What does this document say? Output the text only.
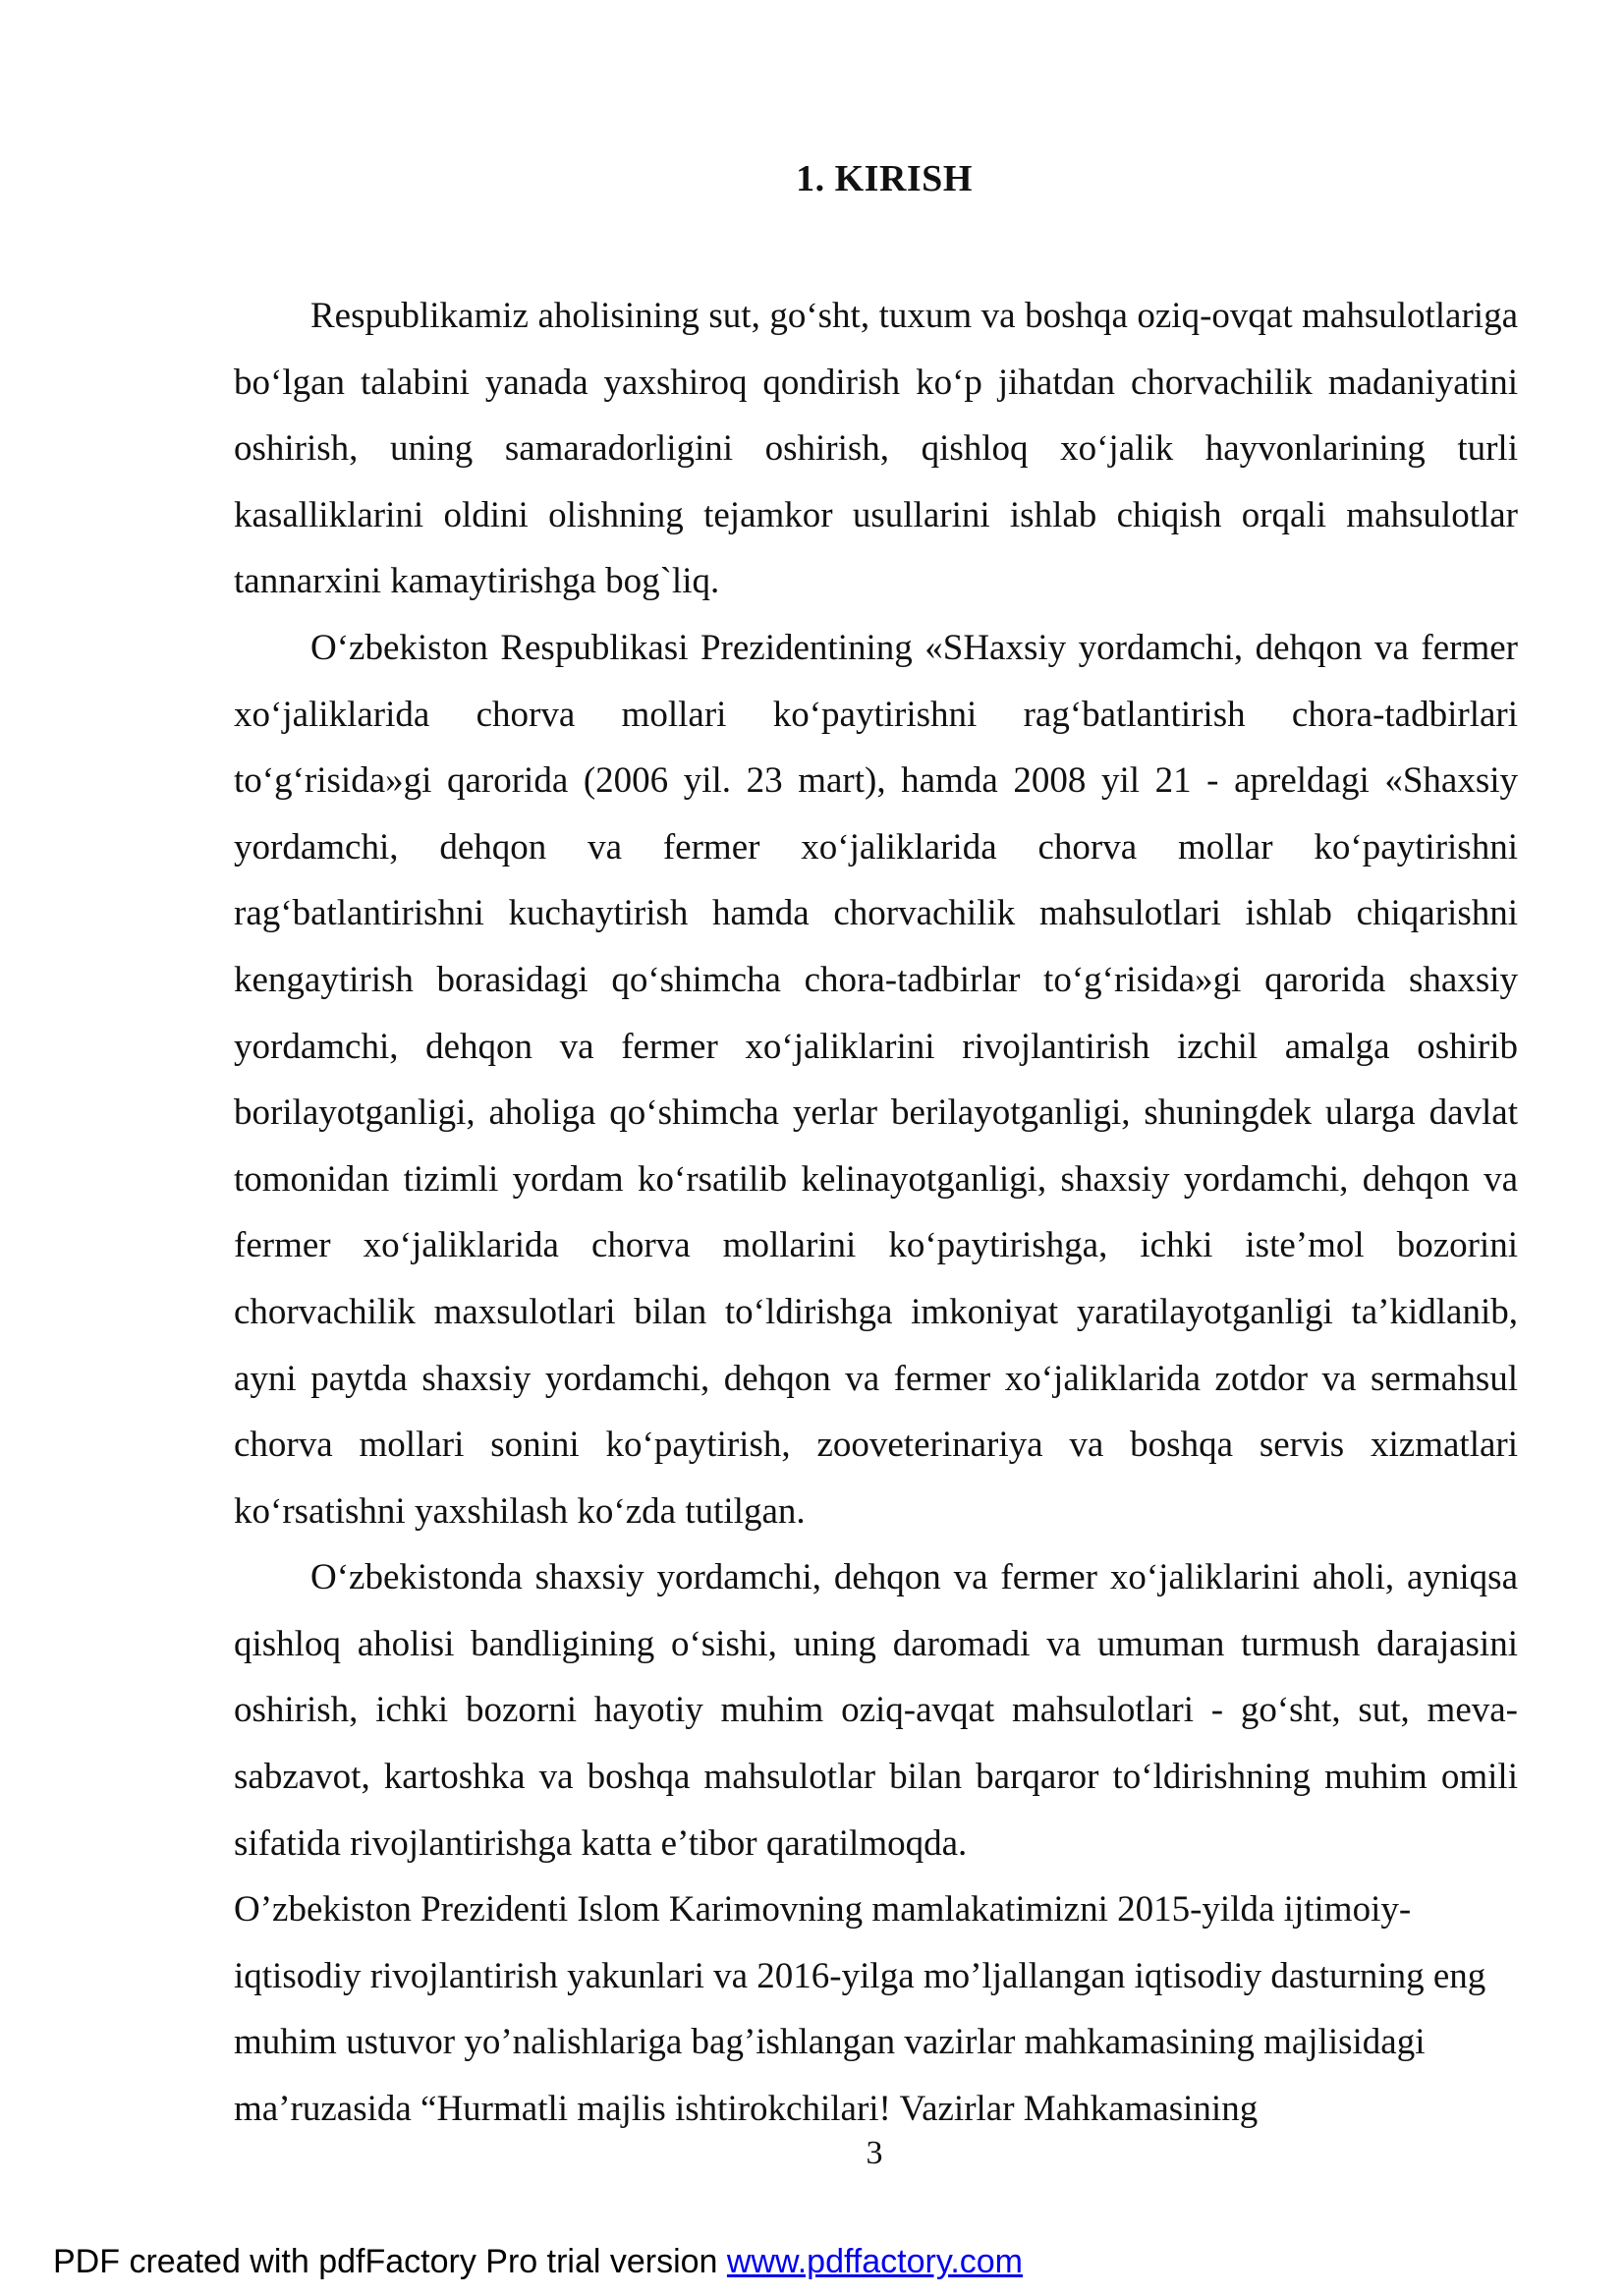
1. KIRISH

Respublikamiz aholisining sut, go‘sht, tuxum va boshqa oziq-ovqat mahsulotlariga bo‘lgan talabini yanada yaxshiroq qondirish ko‘p jihatdan chorvachilik madaniyatini oshirish, uning samaradorligini oshirish, qishloq xo‘jalik hayvonlarining turli kasalliklarini oldini olishning tejamkor usullarini ishlab chiqish orqali mahsulotlar tannarxini kamaytirishga bog`liq.

O‘zbekiston Respublikasi Prezidentining «SHaxsiy yordamchi, dehqon va fermer xo‘jaliklarida chorva mollari ko‘paytirishni rag‘batlantirish chora-tadbirlari to‘g‘risida»gi qarorida (2006 yil. 23 mart), hamda 2008 yil 21 - apreldagi «Shaxsiy yordamchi, dehqon va fermer xo‘jaliklarida chorva mollar ko‘paytirishni rag‘batlantirishni kuchaytirish hamda chorvachilik mahsulotlari ishlab chiqarishni kengaytirish borasidagi qo‘shimcha chora-tadbirlar to‘g‘risida»gi qarorida shaxsiy yordamchi, dehqon va fermer xo‘jaliklarini rivojlantirish izchil amalga oshirib borilayotganligi, aholiga qo‘shimcha yerlar berilayotganligi, shuningdek ularga davlat tomonidan tizimli yordam ko‘rsatilib kelinayotganligi, shaxsiy yordamchi, dehqon va fermer xo‘jaliklarida chorva mollarini ko‘paytirishga, ichki iste’mol bozorini chorvachilik maxsulotlari bilan to‘ldirishga imkoniyat yaratilayotganligi ta’kidlanib, ayni paytda shaxsiy yordamchi, dehqon va fermer xo‘jaliklarida zotdor va sermahsul chorva mollari sonini ko‘paytirish, zooveterinariya va boshqa servis xizmatlari ko‘rsatishni yaxshilash ko‘zda tutilgan.

O‘zbekistonda shaxsiy yordamchi, dehqon va fermer xo‘jaliklarini aholi, ayniqsa qishloq aholisi bandligining o‘sishi, uning daromadi va umuman turmush darajasini oshirish, ichki bozorni hayotiy muhim oziq-avqat mahsulotlari - go‘sht, sut, meva-sabzavot, kartoshka va boshqa mahsulotlar bilan barqaror to‘ldirishning muhim omili sifatida rivojlantirishga katta e’tibor qaratilmoqda.

O’zbekiston Prezidenti Islom Karimovning mamlakatimizni 2015-yilda ijtimoiy-iqtisodiy rivojlantirish yakunlari va 2016-yilga mo’ljallangan iqtisodiy dasturning eng muhim ustuvor yo’nalishlariga bag’ishlangan vazirlar mahkamasining majlisidagi ma’ruzasida “Hurmatli majlis ishtirokchilari! Vazirlar Mahkamasining

3
PDF created with pdfFactory Pro trial version www.pdffactory.com
